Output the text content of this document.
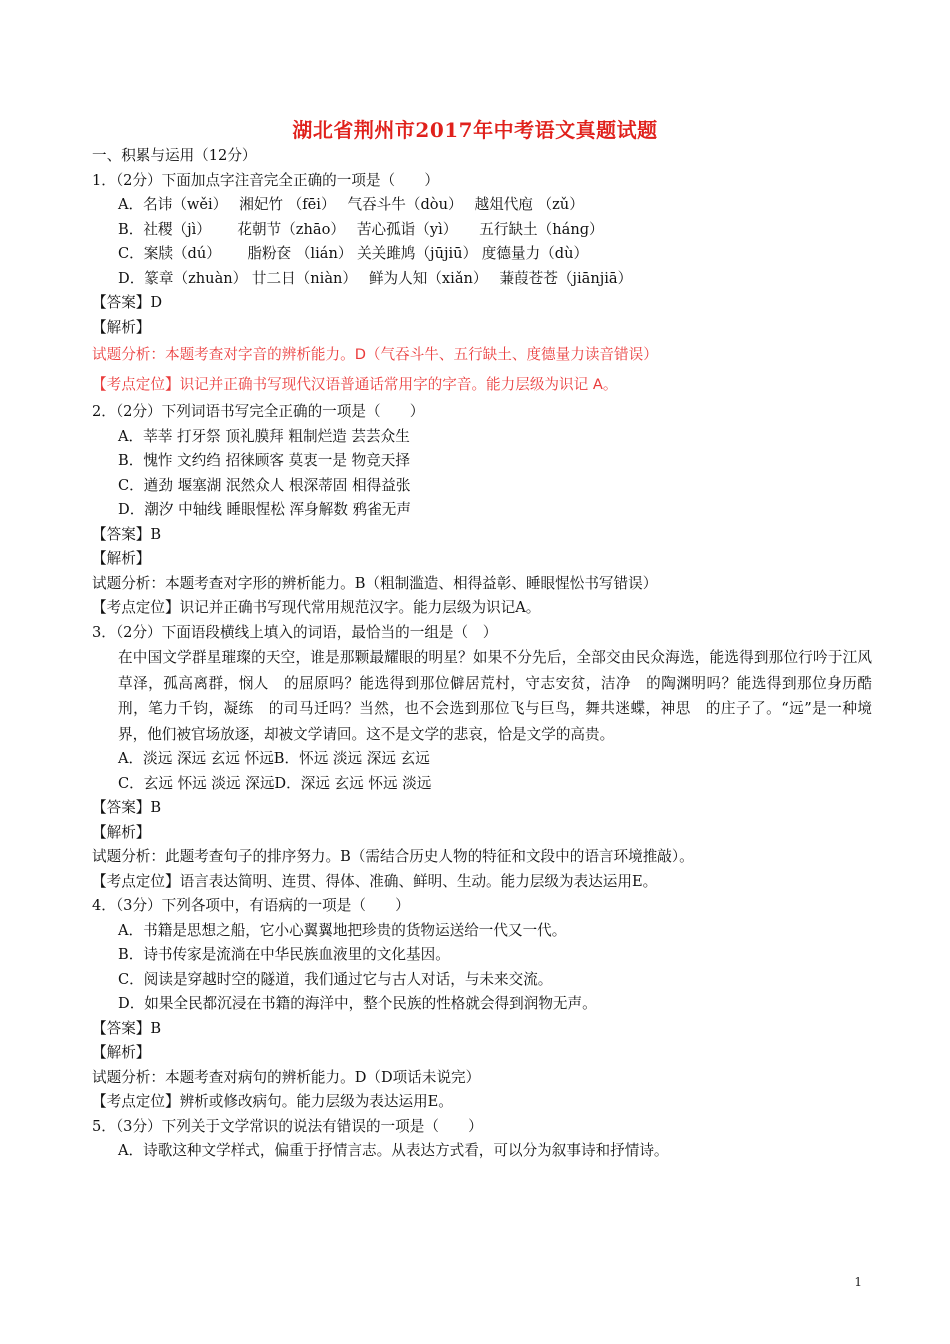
湖北省荆州市2017年中考语文真题试题
一、积累与运用（12分）
1．（2分）下面加点字注音完全正确的一项是（　　）
A．名讳（wěi）　 湘妃竹 （fēi）　 气吞斗牛（dòu）　 越俎代庖 （zǔ）
B．社稷（jì）　　 花朝节（zhāo）　 苦心孤诣（yì）　　五行缺土（hánɡ）
C．案牍（dú）　　 脂粉奁 （lián） 关关雎鸠（jūjiū） 度德量力（dù）
D．篆章（zhuàn） 廿二日（niàn）　 鲜为人知（xiǎn）　 蒹葭苍苍（jiānjiā）
【答案】D
【解析】
试题分析：本题考查对字音的辨析能力。D（气吞斗牛、五行缺土、度德量力读音错误）
【考点定位】识记并正确书写现代汉语普通话常用字的字音。能力层级为识记 A。
2．（2分）下列词语书写完全正确的一项是（　　）
A．莘莘 打牙祭 顶礼膜拜 粗制烂造 芸芸众生
B．愧怍 文约绉 招徕顾客 莫衷一是 物竞天择
C．遒劲 堰塞湖 泯然众人 根深蒂固 相得益张
D．潮汐 中轴线 睡眼惺松 浑身解数 鸦雀无声
【答案】B
【解析】
试题分析：本题考查对字形的辨析能力。B（粗制滥造、相得益彰、睡眼惺忪书写错误）
【考点定位】识记并正确书写现代常用规范汉字。能力层级为识记A。
3．（2分）下面语段横线上填入的词语，最恰当的一组是（　）
在中国文学群星璀璨的天空，谁是那颗最耀眼的明星？如果不分先后，全部交由民众海选，能选得到那位行吟于江风草泽，孤高离群，悯人　的屈原吗？能选得到那位僻居荒村，守志安贫，洁净　的陶渊明吗？能选得到那位身历酷刑，笔力千钧，凝练　的司马迁吗？当然，也不会选到那位飞与巨鸟，舞共迷蝶，神思　的庄子了。“远”是一种境界，他们被官场放逐，却被文学请回。这不是文学的悲哀，恰是文学的高贵。
A．淡远 深远 玄远 怀远B．怀远 淡远 深远 玄远
C．玄远 怀远 淡远 深远D．深远 玄远 怀远 淡远
【答案】B
【解析】
试题分析：此题考查句子的排序努力。B（需结合历史人物的特征和文段中的语言环境推敲）。
【考点定位】语言表达简明、连贯、得体、准确、鲜明、生动。能力层级为表达运用E。
4．（3分）下列各项中，有语病的一项是（　　）
A．书籍是思想之船，它小心翼翼地把珍贵的货物运送给一代又一代。
B．诗书传家是流淌在中华民族血液里的文化基因。
C．阅读是穿越时空的隧道，我们通过它与古人对话，与未来交流。
D．如果全民都沉浸在书籍的海洋中，整个民族的性格就会得到润物无声。
【答案】B
【解析】
试题分析：本题考查对病句的辨析能力。D（D项话未说完）
【考点定位】辨析或修改病句。能力层级为表达运用E。
5．（3分）下列关于文学常识的说法有错误的一项是（　　）
A．诗歌这种文学样式，偏重于抒情言志。从表达方式看，可以分为叙事诗和抒情诗。
1
